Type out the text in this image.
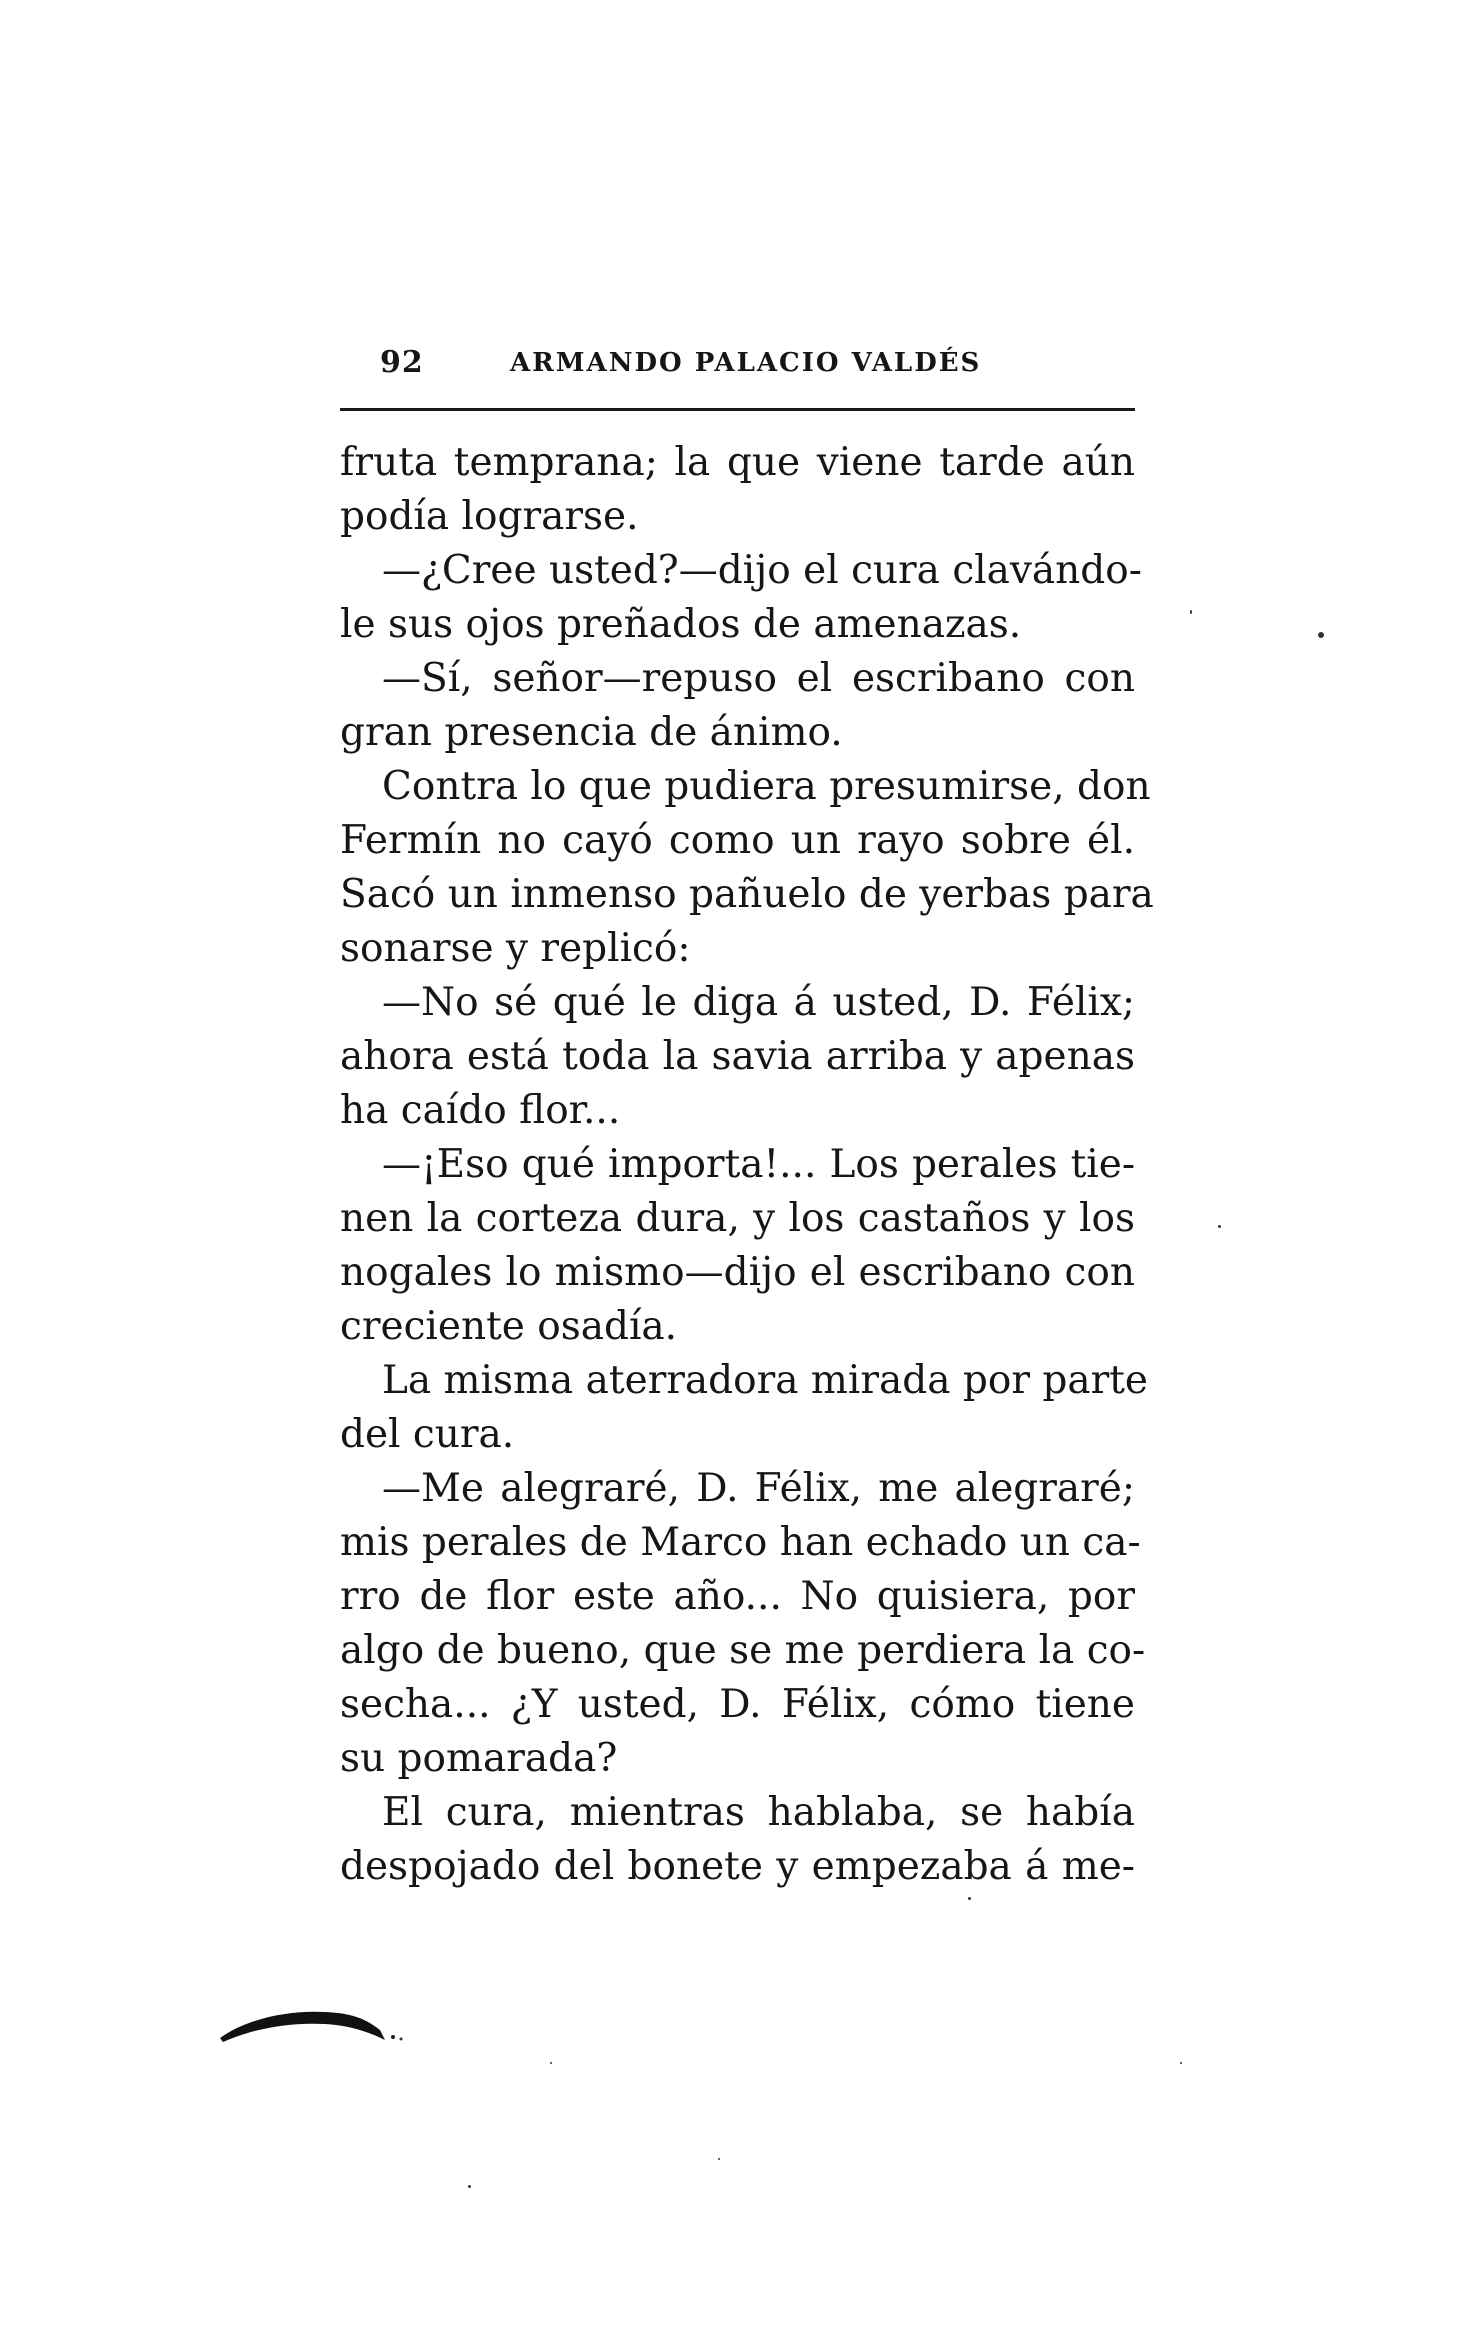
92	ARMANDO PALACIO VALDÉS
fruta temprana; la que viene tarde aún
podía lograrse.
—¿Cree usted?—dijo el cura clavándo-
le sus ojos preñados de amenazas.
—Sí, señor—repuso el escribano con
gran presencia de ánimo.
Contra lo que pudiera presumirse, don
Fermín no cayó como un rayo sobre él.
Sacó un inmenso pañuelo de yerbas para
sonarse y replicó:
—No sé qué le diga á usted, D. Félix;
ahora está toda la savia arriba y apenas
ha caído flor...
—¡Eso qué importa!... Los perales tie-
nen la corteza dura, y los castaños y los
nogales lo mismo—dijo el escribano con
creciente osadía.
La misma aterradora mirada por parte
del cura.
—Me alegraré, D. Félix, me alegraré;
mis perales de Marco han echado un ca-
rro de flor este año... No quisiera, por
algo de bueno, que se me perdiera la co-
secha... ¿Y usted, D. Félix, cómo tiene
su pomarada?
El cura, mientras hablaba, se había
despojado del bonete y empezaba á me-
